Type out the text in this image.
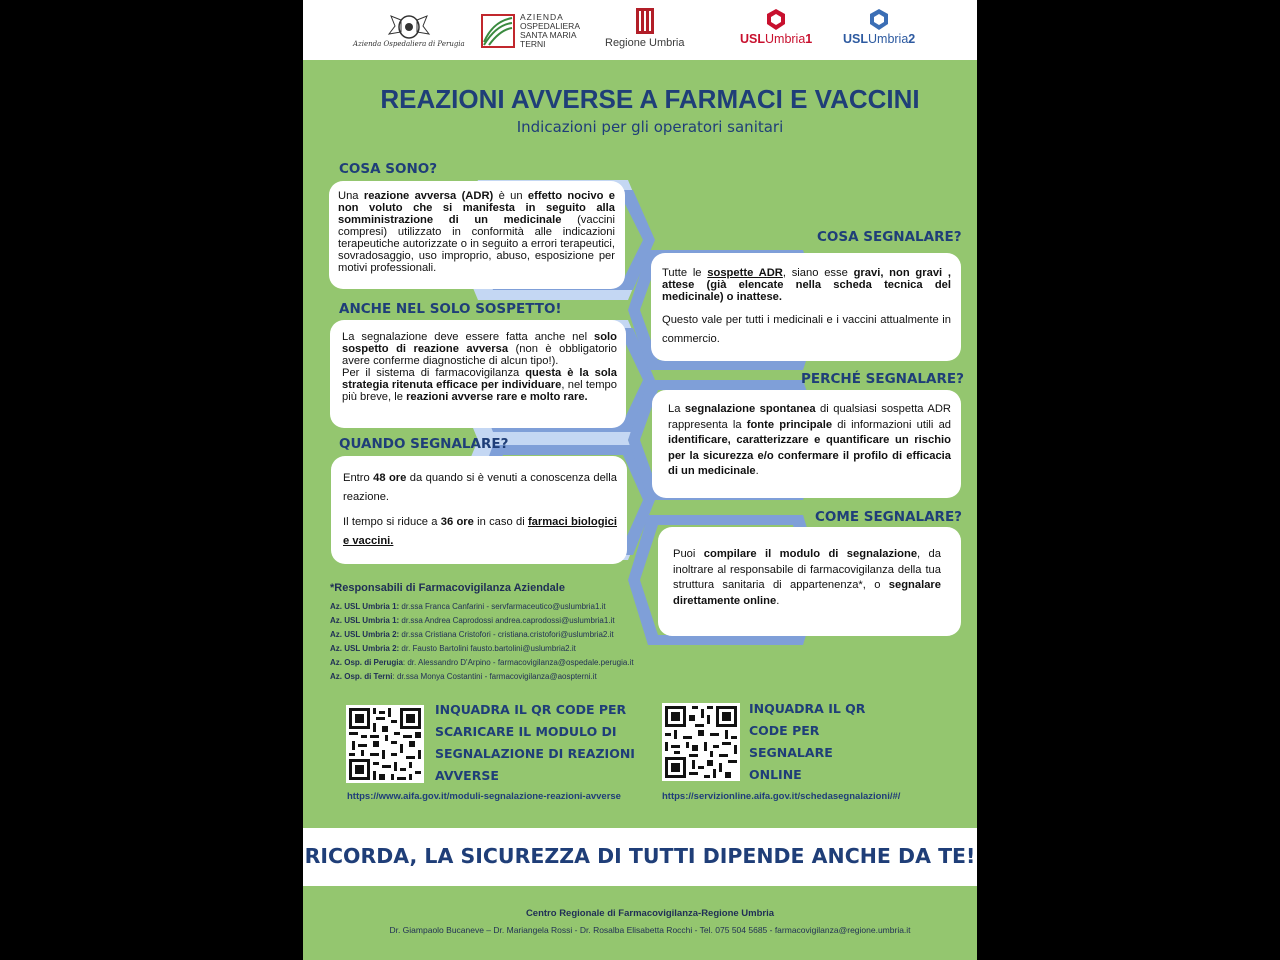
Azienda Ospedaliera di Perugia
AZIENDA
OSPEDALIERA
SANTA MARIA
TERNI	Regione Umbria	USLUmbria1 USLUmbria2
REAZIONI AVVERSE A FARMACI E VACCINI
Indicazioni per gli operatori sanitari
COSA SONO?

Una reazione avversa (ADR) è un effetto nocivo e non voluto che si manifesta in seguito alla somministrazione di un medicinale (vaccini compresi) utilizzato in conformità alle indicazioni terapeutiche autorizzate o in seguito a errori terapeutici, sovradosaggio, uso improprio, abuso, esposizione per motivi professionali.

ANCHE NEL SOLO SOSPETTO!

La segnalazione deve essere fatta anche nel solo sospetto di reazione avversa (non è obbligatorio avere conferme diagnostiche di alcun tipo!).

Per il sistema di farmacovigilanza questa è la sola strategia ritenuta efficace per individuare, nel tempo più breve, le reazioni avverse rare e molto rare.

QUANDO SEGNALARE?

Entro 48 ore da quando si è venuti a conoscenza della reazione.

Il tempo si riduce a 36 ore in caso di farmaci biologici e vaccini.

COSA SEGNALARE?

Tutte le sospette ADR, siano esse gravi, non gravi , attese (già elencate nella scheda tecnica del medicinale) o inattese.

Questo vale per tutti i medicinali e i vaccini attualmente in commercio.

PERCHÉ SEGNALARE?

La segnalazione spontanea di qualsiasi sospetta ADR rappresenta la fonte principale di informazioni utili ad identificare, caratterizzare e quantificare un rischio per la sicurezza e/o confermare il profilo di efficacia di un medicinale.

COME SEGNALARE?

Puoi compilare il modulo di segnalazione, da inoltrare al responsabile di farmacovigilanza della tua struttura sanitaria di appartenenza*, o segnalare direttamente online.

*Responsabili di Farmacovigilanza Aziendale
Az. USL Umbria 1: dr.ssa Franca Canfarini - servfarmaceutico@uslumbria1.it
Az. USL Umbria 1: dr.ssa Andrea Caprodossi andrea.caprodossi@uslumbria1.it
Az. USL Umbria 2: dr.ssa Cristiana Cristofori - cristiana.cristofori@uslumbria2.it
Az. USL Umbria 2: dr. Fausto Bartolini fausto.bartolini@uslumbria2.it
Az. Osp. di Perugia: dr. Alessandro D'Arpino - farmacovigilanza@ospedale.perugia.it
Az. Osp. di Terni: dr.ssa Monya Costantini - farmacovigilanza@aospterni.it
INQUADRA IL QR CODE PER
SCARICARE IL MODULO DI
SEGNALAZIONE DI REAZIONI
AVVERSE
https://www.aifa.gov.it/moduli-segnalazione-reazioni-avverse
INQUADRA IL QR
CODE PER
SEGNALARE
ONLINE
https://servizionline.aifa.gov.it/schedasegnalazioni/#/
RICORDA, LA SICUREZZA DI TUTTI DIPENDE ANCHE DA TE!
Centro Regionale di Farmacovigilanza-Regione Umbria
Dr. Giampaolo Bucaneve – Dr. Mariangela Rossi - Dr. Rosalba Elisabetta Rocchi - Tel. 075 504 5685 - farmacovigilanza@regione.umbria.it
